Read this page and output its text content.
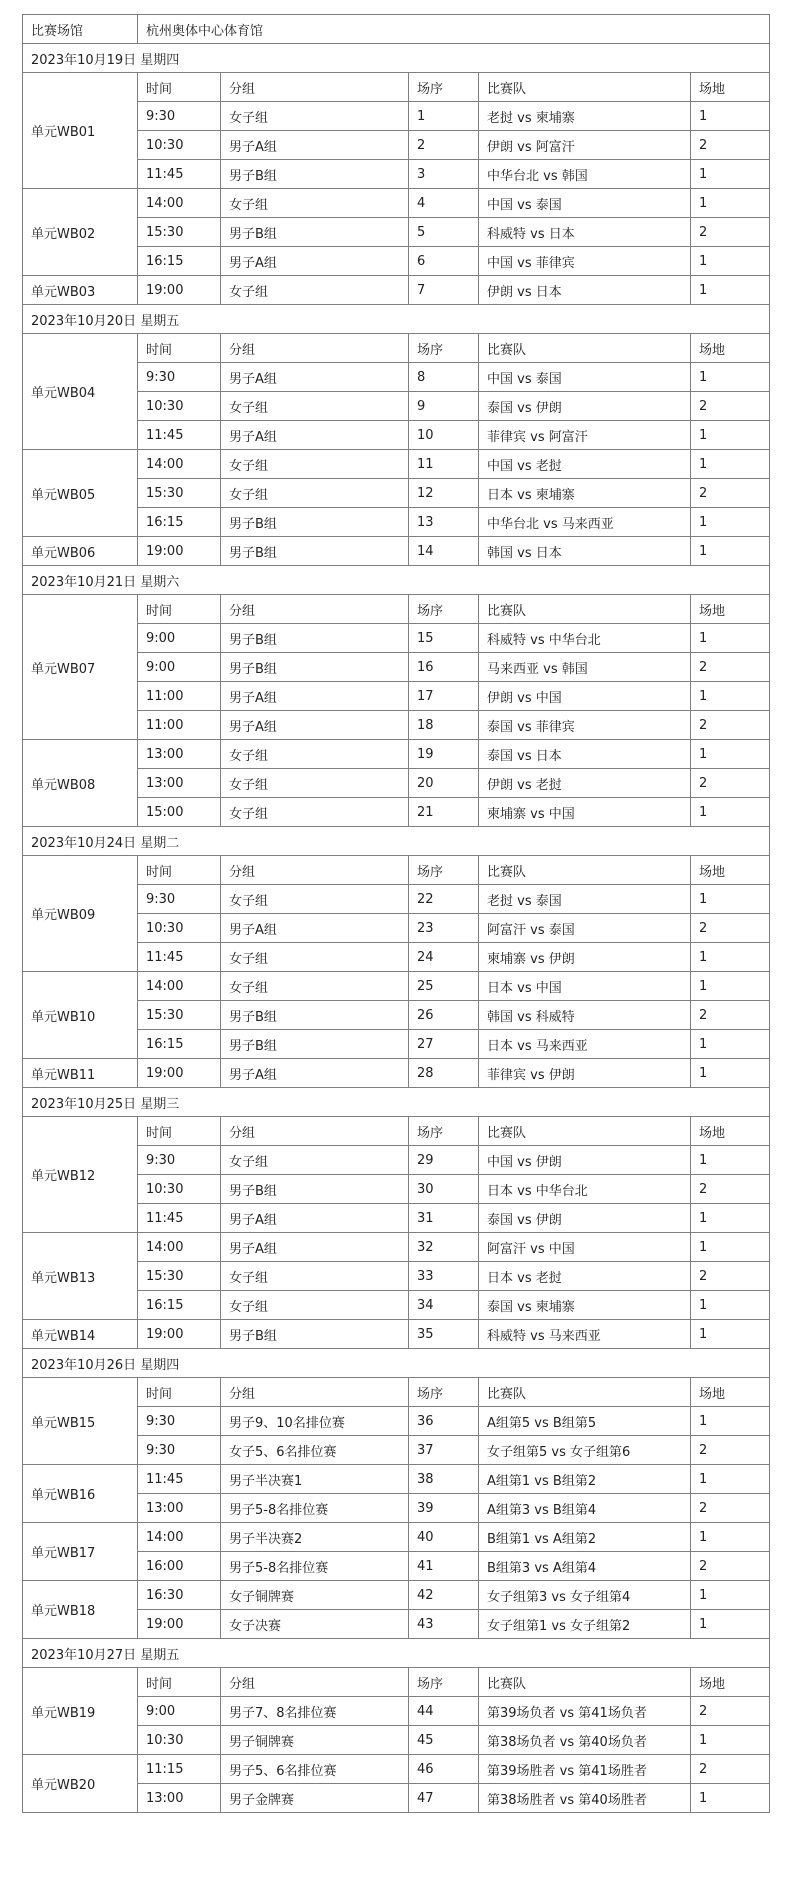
比赛场馆	杭州奥体中心体育馆				
2023年10月19日 星期四					
单元WB01	时间	分组	场序	比赛队	场地
	9:30	女子组	1	老挝 vs 柬埔寨	1
	10:30	男子A组	2	伊朗 vs 阿富汗	2
	11:45	男子B组	3	中华台北 vs 韩国	1
单元WB02	14:00	女子组	4	中国 vs 泰国	1
	15:30	男子B组	5	科威特 vs 日本	2
	16:15	男子A组	6	中国 vs 菲律宾	1
单元WB03	19:00	女子组	7	伊朗 vs 日本	1
2023年10月20日 星期五					
单元WB04	时间	分组	场序	比赛队	场地
	9:30	男子A组	8	中国 vs 泰国	1
	10:30	女子组	9	泰国 vs 伊朗	2
	11:45	男子A组	10	菲律宾 vs 阿富汗	1
单元WB05	14:00	女子组	11	中国 vs 老挝	1
	15:30	女子组	12	日本 vs 柬埔寨	2
	16:15	男子B组	13	中华台北 vs 马来西亚	1
单元WB06	19:00	男子B组	14	韩国 vs 日本	1
2023年10月21日 星期六					
单元WB07	时间	分组	场序	比赛队	场地
	9:00	男子B组	15	科威特 vs 中华台北	1
	9:00	男子B组	16	马来西亚 vs 韩国	2
	11:00	男子A组	17	伊朗 vs 中国	1
	11:00	男子A组	18	泰国 vs 菲律宾	2
单元WB08	13:00	女子组	19	泰国 vs 日本	1
	13:00	女子组	20	伊朗 vs 老挝	2
	15:00	女子组	21	柬埔寨 vs 中国	1
2023年10月24日 星期二					
单元WB09	时间	分组	场序	比赛队	场地
	9:30	女子组	22	老挝 vs 泰国	1
	10:30	男子A组	23	阿富汗 vs 泰国	2
	11:45	女子组	24	柬埔寨 vs 伊朗	1
单元WB10	14:00	女子组	25	日本 vs 中国	1
	15:30	男子B组	26	韩国 vs 科威特	2
	16:15	男子B组	27	日本 vs 马来西亚	1
单元WB11	19:00	男子A组	28	菲律宾 vs 伊朗	1
2023年10月25日 星期三					
单元WB12	时间	分组	场序	比赛队	场地
	9:30	女子组	29	中国 vs 伊朗	1
	10:30	男子B组	30	日本 vs 中华台北	2
	11:45	男子A组	31	泰国 vs 伊朗	1
单元WB13	14:00	男子A组	32	阿富汗 vs 中国	1
	15:30	女子组	33	日本 vs 老挝	2
	16:15	女子组	34	泰国 vs 柬埔寨	1
单元WB14	19:00	男子B组	35	科威特 vs 马来西亚	1
2023年10月26日 星期四					
单元WB15	时间	分组	场序	比赛队	场地
	9:30	男子9、10名排位赛	36	A组第5 vs B组第5	1
	9:30	女子5、6名排位赛	37	女子组第5 vs 女子组第6	2
单元WB16	11:45	男子半决赛1	38	A组第1 vs B组第2	1
	13:00	男子5-8名排位赛	39	A组第3 vs B组第4	2
单元WB17	14:00	男子半决赛2	40	B组第1 vs A组第2	1
	16:00	男子5-8名排位赛	41	B组第3 vs A组第4	2
单元WB18	16:30	女子铜牌赛	42	女子组第3 vs 女子组第4	1
	19:00	女子决赛	43	女子组第1 vs 女子组第2	1
2023年10月27日 星期五					
单元WB19	时间	分组	场序	比赛队	场地
	9:00	男子7、8名排位赛	44	第39场负者 vs 第41场负者	2
	10:30	男子铜牌赛	45	第38场负者 vs 第40场负者	1
单元WB20	11:15	男子5、6名排位赛	46	第39场胜者 vs 第41场胜者	2
	13:00	男子金牌赛	47	第38场胜者 vs 第40场胜者	1
